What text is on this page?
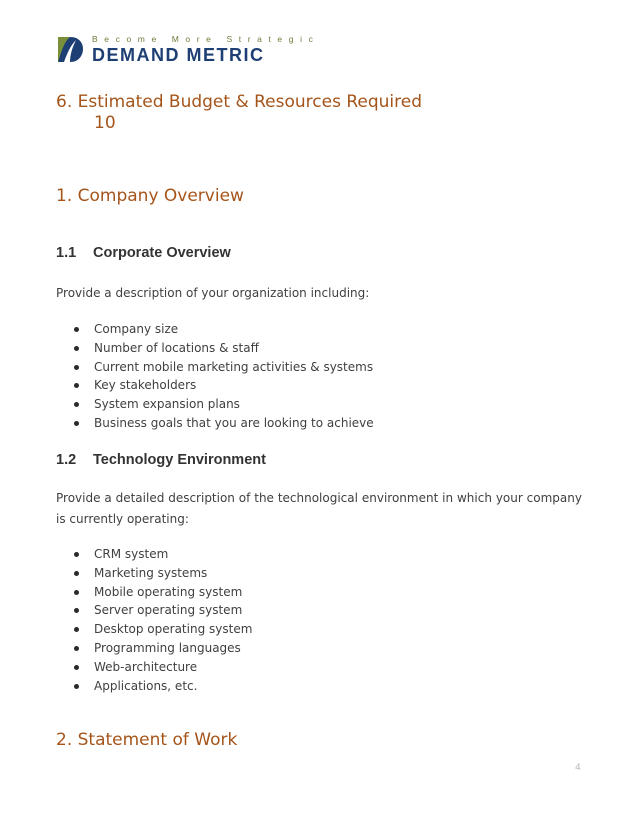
Become More Strategic
DEMAND METRIC
6. Estimated Budget & Resources Required
10
1. Company Overview
1.1 Corporate Overview
Provide a description of your organization including:
Company size
Number of locations & staff
Current mobile marketing activities & systems
Key stakeholders
System expansion plans
Business goals that you are looking to achieve
1.2 Technology Environment
Provide a detailed description of the technological environment in which your company is currently operating:
CRM system
Marketing systems
Mobile operating system
Server operating system
Desktop operating system
Programming languages
Web-architecture
Applications, etc.
2. Statement of Work
4
